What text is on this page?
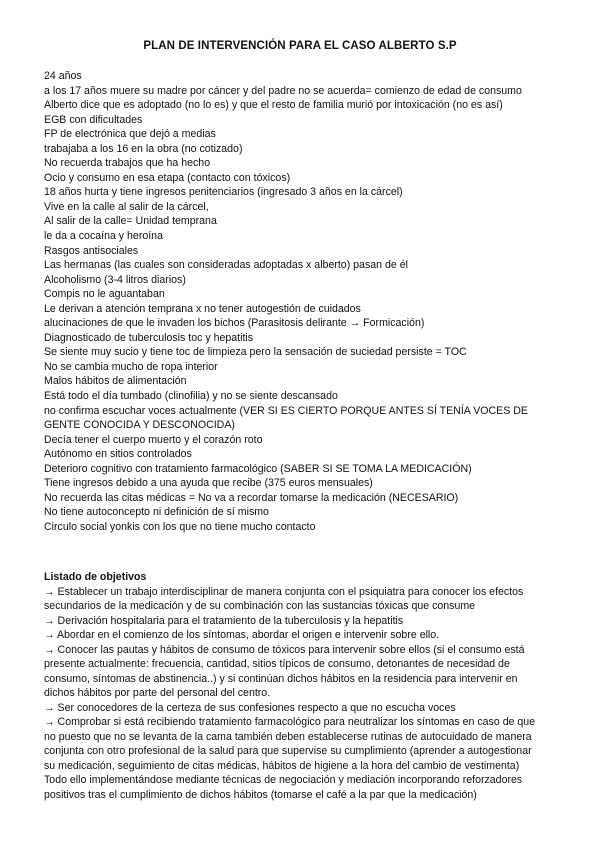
PLAN DE INTERVENCIÓN PARA EL CASO ALBERTO S.P
24 años
a los 17 años muere su madre por cáncer y del padre no se acuerda= comienzo de edad de consumo
Alberto dice que es adoptado (no lo es) y que el resto de familia murió por intoxicación (no es así)
EGB con dificultades
FP de electrónica que dejó a medias
trabajaba a los 16 en la obra (no cotizado)
No recuerda trabajos que ha hecho
Ocio y consumo en esa etapa (contacto con tóxicos)
18 años hurta y tiene ingresos penitenciarios (ingresado 3 años en la cárcel)
Vive en la calle al salir de la cárcel,
Al salir de la calle= Unidad temprana
le da a cocaína y heroína
Rasgos antisociales
Las hermanas (las cuales son consideradas adoptadas x alberto) pasan de él
Alcoholismo (3-4 litros diarios)
Compis no le aguantaban
Le derivan a atención temprana x no tener autogestión de cuidados
alucinaciones de que le invaden los bichos (Parasitosis delirante → Formicación)
Diagnosticado de tuberculosis toc y hepatitis
Se siente muy sucio y tiene toc de limpieza pero la sensación de suciedad persiste = TOC
No se cambia mucho de ropa interior
Malos hábitos de alimentación
Está todo el día tumbado (clinofilia) y no se siente descansado
no confirma escuchar voces actualmente (VER SI ES CIERTO PORQUE ANTES SÍ TENÍA VOCES DE
GENTE CONOCIDA Y DESCONOCIDA)
Decía tener el cuerpo muerto y el corazón roto
Autónomo en sitios controlados
Deterioro cognitivo con tratamiento farmacológico (SABER SI SE TOMA LA MEDICACIÓN)
Tiene ingresos debido a una ayuda que recibe (375 euros mensuales)
No recuerda las citas médicas = No va a recordar tomarse la medicación (NECESARIO)
No tiene autoconcepto ni definición de sí mismo
Circulo social yonkis con los que no tiene mucho contacto
Listado de objetivos
→ Establecer un trabajo interdisciplinar de manera conjunta con el psiquiatra para conocer los efectos
secundarios de la medicación y de su combinación con las sustancias tóxicas que consume
→ Derivación hospitalaria para el tratamiento de la tuberculosis y la hepatitis
→ Abordar en el comienzo de los síntomas, abordar el origen e intervenir sobre ello.
→ Conocer las pautas y hábitos de consumo de tóxicos para intervenir sobre ellos (si el consumo está
presente actualmente: frecuencia, cantidad, sitios típicos de consumo, detonantes de necesidad de
consumo, síntomas de abstinencia..) y si continúan dichos hábitos en la residencia para intervenir en
dichos hábitos por parte del personal del centro.
→ Ser conocedores de la certeza de sus confesiones respecto a que no escucha voces
→ Comprobar si está recibiendo tratamiento farmacológico para neutralizar los síntomas en caso de que
no puesto que no se levanta de la cama también deben establecerse rutinas de autocuidado de manera
conjunta con otro profesional de la salud para que supervise su cumplimiento (aprender a autogestionar
su medicación, seguimiento de citas médicas, hábitos de higiene a la hora del cambio de vestimenta)
Todo ello implementándose mediante técnicas de negociación y mediación incorporando reforzadores
positivos tras el cumplimiento de dichos hábitos (tomarse el café a la par que la medicación)
